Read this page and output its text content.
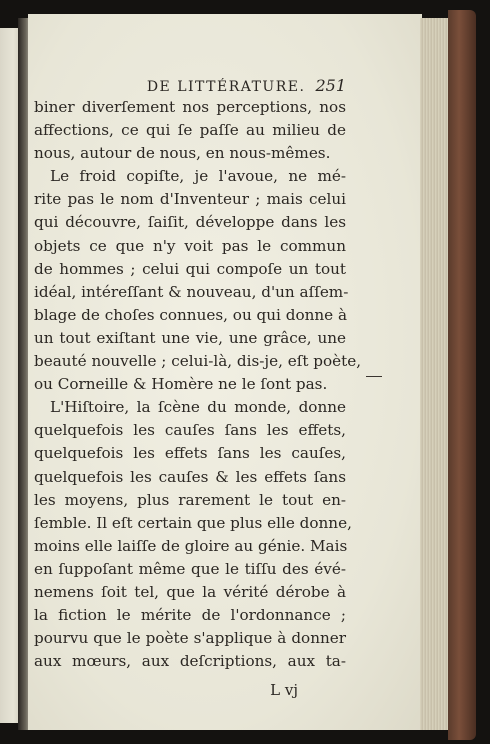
DE LITTÉRATURE. 251
biner diverſement nos perceptions, nos
affections, ce qui ſe paſſe au milieu de
nous, autour de nous, en nous-mêmes.
Le froid copiſte, je l'avoue, ne mé-
rite pas le nom d'Inventeur ; mais celui
qui découvre, ſaiſit, développe dans les
objets ce que n'y voit pas le commun
de hommes ; celui qui compoſe un tout
idéal, intéreſſant & nouveau, d'un aſſem-
blage de choſes connues, ou qui donne à
un tout exiſtant une vie, une grâce, une
beauté nouvelle ; celui-là, dis-je, eſt poète,
ou Corneille & Homère ne le ſont pas.
L'Hiſtoire, la ſcène du monde, donne
quelquefois les cauſes ſans les effets,
quelquefois les effets ſans les cauſes,
quelquefois les cauſes & les effets ſans
les moyens, plus rarement le tout en-
ſemble. Il eſt certain que plus elle donne,
moins elle laiſſe de gloire au génie. Mais
en ſuppoſant même que le tiſſu des évé-
nemens ſoit tel, que la vérité dérobe à
la fiction le mérite de l'ordonnance ;
pourvu que le poète s'applique à donner
aux mœurs, aux deſcriptions, aux ta-
L vj
